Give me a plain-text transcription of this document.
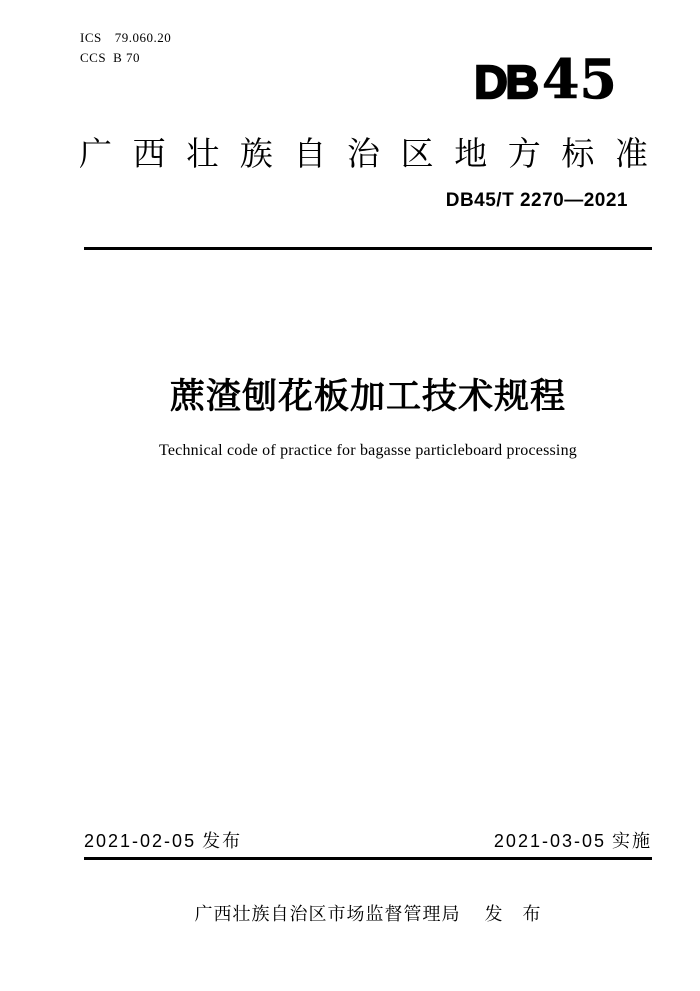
ICS 79.060.20
CCS B 70	DB 45
广西壮族自治区地方标准
DB45/T 2270—2021
蔗渣刨花板加工技术规程
Technical code of practice for bagasse particleboard processing
2021-02-05 发布	2021-03-05 实施
广西壮族自治区市场监督管理局 发　布
